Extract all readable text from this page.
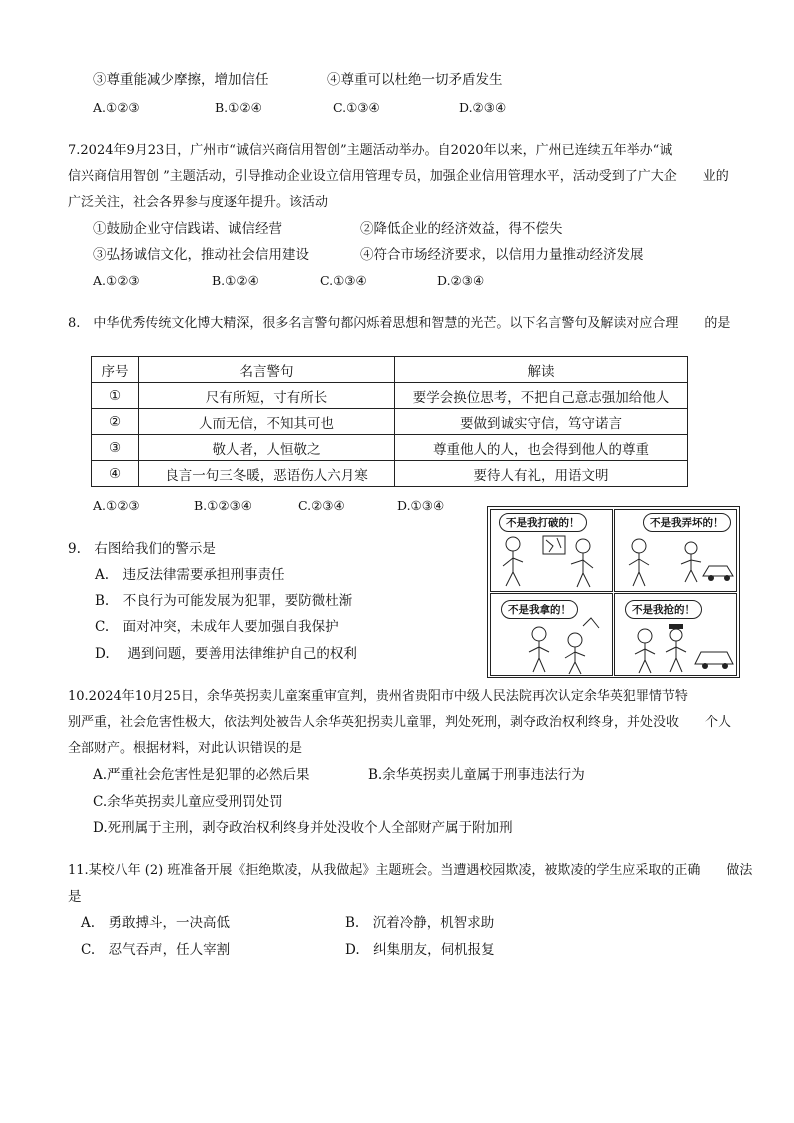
③尊重能减少摩擦，增加信任	④尊重可以杜绝一切矛盾发生
A.①②③	B.①②④	C.①③④	D.②③④
7.2024年9月23日，广州市“诚信兴商信用智创”主题活动举办。自2020年以来，广州已连续五年举办“诚
信兴商信用智创 ”主题活动，引导推动企业设立信用管理专员，加强企业信用管理水平，活动受到了广大企　　业的
广泛关注，社会各界参与度逐年提升。该活动
①鼓励企业守信践诺、诚信经营	②降低企业的经济效益，得不偿失
③弘扬诚信文化，推动社会信用建设	④符合市场经济要求，以信用力量推动经济发展
A.①②③	B.①②④	C.①③④	D.②③④
8.　中华优秀传统文化博大精深，很多名言警句都闪烁着思想和智慧的光芒。以下名言警句及解读对应合理　　的是
序号	名言警句	解读
①	尺有所短，寸有所长	要学会换位思考，不把自己意志强加给他人
②	人而无信，不知其可也	要做到诚实守信，笃守诺言
③	敬人者，人恒敬之	尊重他人的人，也会得到他人的尊重
④	良言一句三冬暖，恶语伤人六月寒	要待人有礼，用语文明
A.①②③	B.①②③④	C.②③④	D.①③④
9.　右图给我们的警示是
A.　违反法律需要承担刑事责任
B.　不良行为可能发展为犯罪，要防微杜渐
C.　面对冲突，未成年人要加强自我保护
D.　 遇到问题，要善用法律维护自己的权利
不是我打破的！	不是我弄坏的！
不是我拿的！	不是我抢的！
10.2024年10月25日，余华英拐卖儿童案重审宣判，贵州省贵阳市中级人民法院再次认定余华英犯罪情节特
别严重，社会危害性极大，依法判处被告人余华英犯拐卖儿童罪，判处死刑，剥夺政治权利终身，并处没收　　个人
全部财产。根据材料，对此认识错误的是
A.严重社会危害性是犯罪的必然后果	B.余华英拐卖儿童属于刑事违法行为
C.余华英拐卖儿童应受刑罚处罚
D.死刑属于主刑，剥夺政治权利终身并处没收个人全部财产属于附加刑
11.某校八年 (2) 班准备开展《拒绝欺凌，从我做起》主题班会。当遭遇校园欺凌，被欺凌的学生应采取的正确　　做法
是
A.　勇敢搏斗，一决高低	B.　沉着冷静，机智求助
C.　忍气吞声，任人宰割	D.　纠集朋友，伺机报复
